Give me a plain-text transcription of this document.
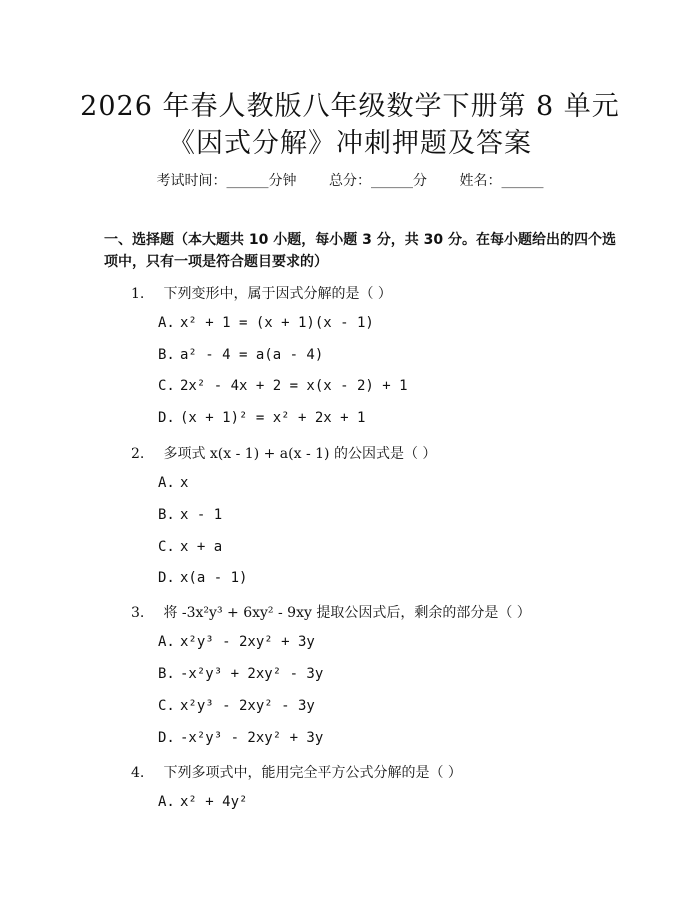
2026 年春人教版八年级数学下册第 8 单元
《因式分解》冲刺押题及答案
考试时间：______分钟 总分：______分 姓名：______
一、选择题（本大题共 10 小题，每小题 3 分，共 30 分。在每小题给出的四个选项中，只有一项是符合题目要求的）
1. 下列变形中，属于因式分解的是（ ）
A. x² + 1 = (x + 1)(x - 1)
B. a² - 4 = a(a - 4)
C. 2x² - 4x + 2 = x(x - 2) + 1
D. (x + 1)² = x² + 2x + 1
2. 多项式 x(x - 1) + a(x - 1) 的公因式是（ ）
A. x
B. x - 1
C. x + a
D. x(a - 1)
3. 将 -3x²y³ + 6xy² - 9xy 提取公因式后，剩余的部分是（ ）
A. x²y³ - 2xy² + 3y
B. -x²y³ + 2xy² - 3y
C. x²y³ - 2xy² - 3y
D. -x²y³ - 2xy² + 3y
4. 下列多项式中，能用完全平方公式分解的是（ ）
A. x² + 4y²
